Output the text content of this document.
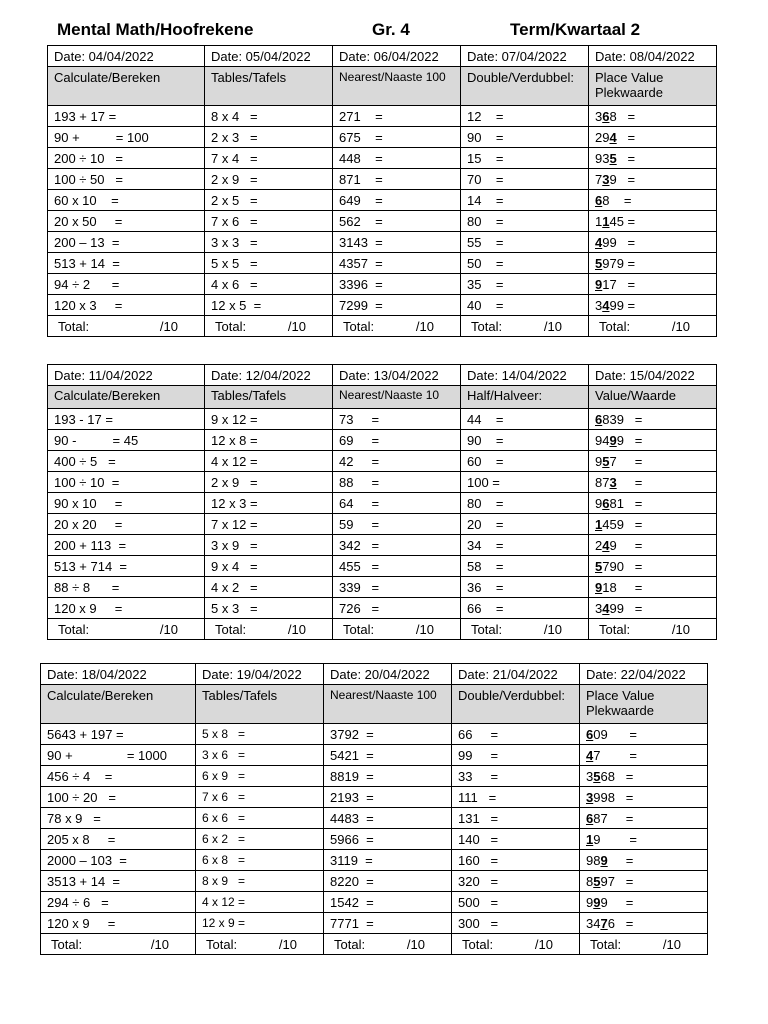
Mental Math/Hoofrekene	Gr. 4	Term/Kwartaal 2
Date: 04/04/2022	Date: 05/04/2022	Date: 06/04/2022	Date: 07/04/2022	Date: 08/04/2022
Calculate/Bereken	Tables/Tafels	Nearest/Naaste 100	Double/Verdubbel:	Place Value Plekwaarde
193 + 17 =	8 x 4   =	271    =	12    =	368   =
90 +          = 100	2 x 3   =	675    =	90    =	294   =
200 ÷ 10   =	7 x 4   =	448    =	15    =	935   =
100 ÷ 50   =	2 x 9   =	871    =	70    =	739   =
60 x 10    =	2 x 5   =	649    =	14    =	68    =
20 x 50     =	7 x 6   =	562    =	80    =	1145 =
200 – 13  =	3 x 3   =	3143  =	55    =	499   =
513 + 14  =	5 x 5   =	4357  =	50    =	5979 =
94 ÷ 2      =	4 x 6   =	3396  =	35    =	917   =
120 x 3     =	12 x 5  =	7299  =	40    =	3499 =

Total: /10	Total: /10	Total: /10	Total: /10	Total: /10
Date: 11/04/2022	Date: 12/04/2022	Date: 13/04/2022	Date: 14/04/2022	Date: 15/04/2022
Calculate/Bereken	Tables/Tafels	Nearest/Naaste 10	Half/Halveer:	Value/Waarde
193 - 17 =	9 x 12 =	73     =	44    =	6839   =
90 -          = 45	12 x 8 =	69     =	90    =	9499   =
400 ÷ 5   =	4 x 12 =	42     =	60    =	957     =
100 ÷ 10  =	2 x 9   =	88     =	100 =	873     =
90 x 10     =	12 x 3 =	64     =	80    =	9681   =
20 x 20     =	7 x 12 =	59     =	20    =	1459   =
200 + 113  =	3 x 9   =	342   =	34    =	249     =
513 + 714  =	9 x 4   =	455   =	58    =	5790   =
88 ÷ 8      =	4 x 2   =	339   =	36    =	918     =
120 x 9     =	5 x 3   =	726   =	66    =	3499   =

Total: /10	Total: /10	Total: /10	Total: /10	Total: /10
Date: 18/04/2022	Date: 19/04/2022	Date: 20/04/2022	Date: 21/04/2022	Date: 22/04/2022
Calculate/Bereken	Tables/Tafels	Nearest/Naaste 100	Double/Verdubbel:	Place Value Plekwaarde
5643 + 197 =	5 x 8   =	3792  =	66     =	609      =
90 +               = 1000	3 x 6   =	5421  =	99     =	47        =
456 ÷ 4    =	6 x 9   =	8819  =	33     =	3568   =
100 ÷ 20   =	7 x 6   =	2193  =	111   =	3998   =
78 x 9   =	6 x 6   =	4483  =	131   =	687     =
205 x 8     =	6 x 2   =	5966  =	140   =	19        =
2000 – 103  =	6 x 8   =	3119  =	160   =	989     =
3513 + 14  =	8 x 9   =	8220  =	320   =	8597   =
294 ÷ 6   =	4 x 12 =	1542  =	500   =	999     =
120 x 9     =	12 x 9 =	7771  =	300   =	3476   =

Total: /10	Total: /10	Total: /10	Total: /10	Total: /10
